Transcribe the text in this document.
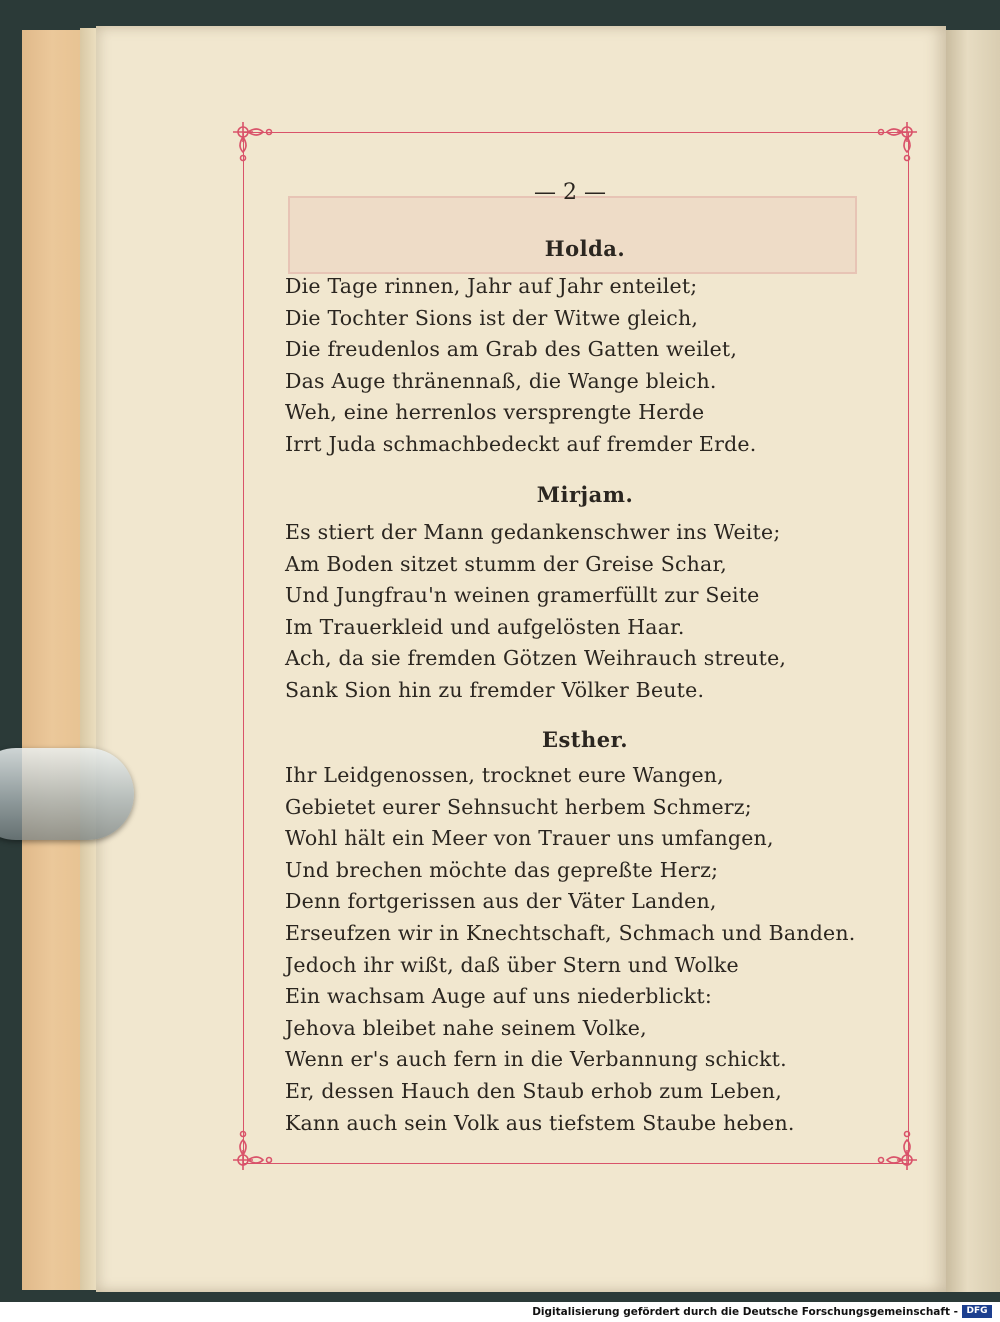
— 2 —
Holda.
Die Tage rinnen, Jahr auf Jahr enteilet;
Die Tochter Sions ist der Witwe gleich,
Die freudenlos am Grab des Gatten weilet,
Das Auge thränennaß, die Wange bleich.
Weh, eine herrenlos versprengte Herde
Irrt Juda schmachbedeckt auf fremder Erde.
Mirjam.
Es stiert der Mann gedankenschwer ins Weite;
Am Boden sitzet stumm der Greise Schar,
Und Jungfrau'n weinen gramerfüllt zur Seite
Im Trauerkleid und aufgelösten Haar.
Ach, da sie fremden Götzen Weihrauch streute,
Sank Sion hin zu fremder Völker Beute.
Esther.
Ihr Leidgenossen, trocknet eure Wangen,
Gebietet eurer Sehnsucht herbem Schmerz;
Wohl hält ein Meer von Trauer uns umfangen,
Und brechen möchte das gepreßte Herz;
Denn fortgerissen aus der Väter Landen,
Erseufzen wir in Knechtschaft, Schmach und Banden.
Jedoch ihr wißt, daß über Stern und Wolke
Ein wachsam Auge auf uns niederblickt:
Jehova bleibet nahe seinem Volke,
Wenn er's auch fern in die Verbannung schickt.
Er, dessen Hauch den Staub erhob zum Leben,
Kann auch sein Volk aus tiefstem Staube heben.
Digitalisierung gefördert durch die Deutsche Forschungsgemeinschaft - DFG
